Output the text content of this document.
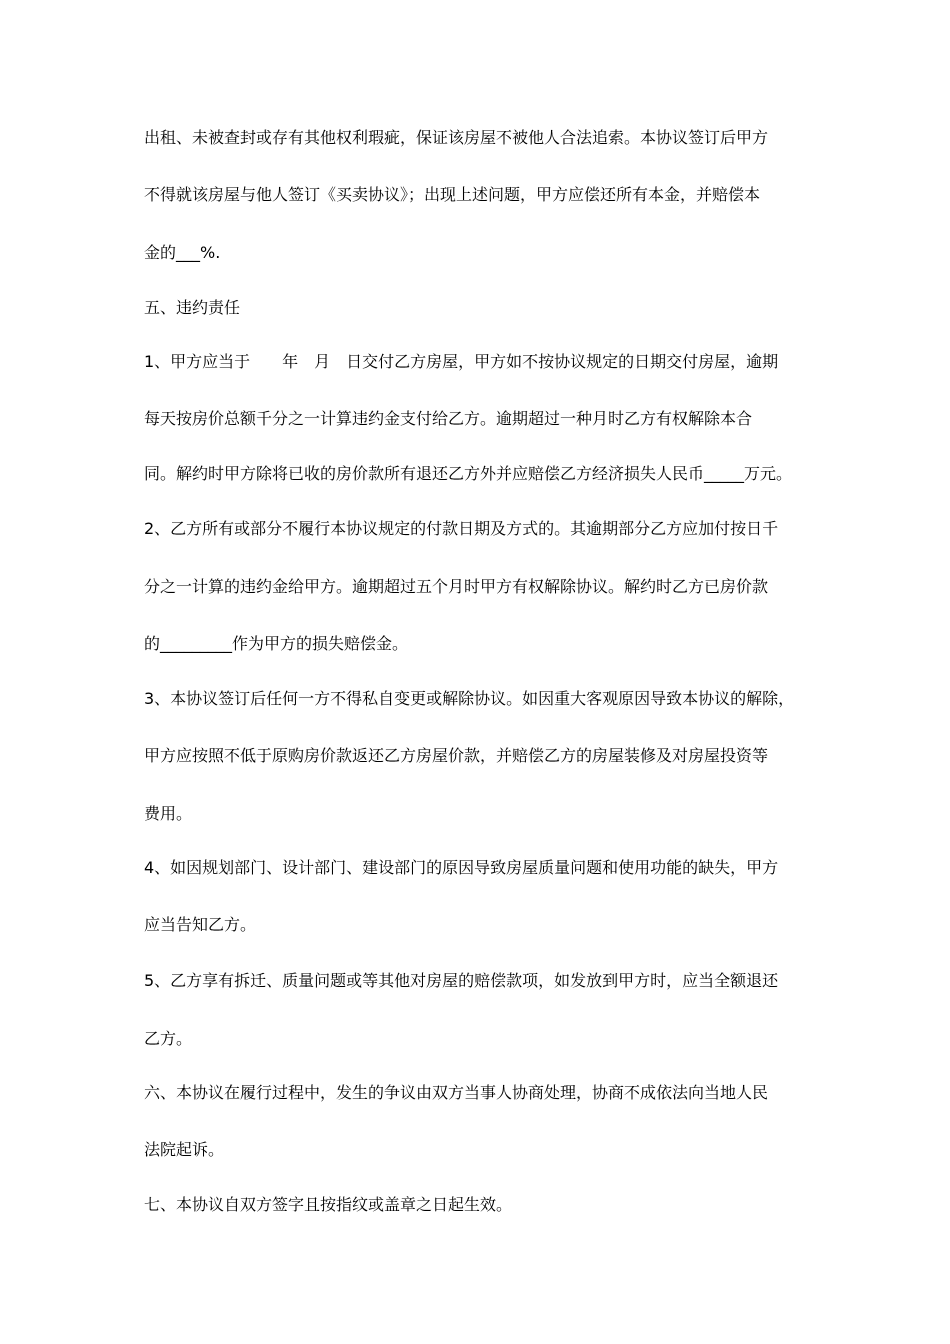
出租、未被查封或存有其他权利瑕疵，保证该房屋不被他人合法追索。本协议签订后甲方
不得就该房屋与他人签订《买卖协议》；出现上述问题，甲方应偿还所有本金，并赔偿本
金的___%.
五、违约责任
1、甲方应当于　　年　月　日交付乙方房屋，甲方如不按协议规定的日期交付房屋，逾期
每天按房价总额千分之一计算违约金支付给乙方。逾期超过一种月时乙方有权解除本合
同。解约时甲方除将已收的房价款所有退还乙方外并应赔偿乙方经济损失人民币_____万元。
2、乙方所有或部分不履行本协议规定的付款日期及方式的。其逾期部分乙方应加付按日千
分之一计算的违约金给甲方。逾期超过五个月时甲方有权解除协议。解约时乙方已房价款
的_________作为甲方的损失赔偿金。
3、本协议签订后任何一方不得私自变更或解除协议。如因重大客观原因导致本协议的解除，
甲方应按照不低于原购房价款返还乙方房屋价款，并赔偿乙方的房屋装修及对房屋投资等
费用。
4、如因规划部门、设计部门、建设部门的原因导致房屋质量问题和使用功能的缺失，甲方
应当告知乙方。
5、乙方享有拆迁、质量问题或等其他对房屋的赔偿款项，如发放到甲方时，应当全额退还
乙方。
六、本协议在履行过程中，发生的争议由双方当事人协商处理，协商不成依法向当地人民
法院起诉。
七、本协议自双方签字且按指纹或盖章之日起生效。
